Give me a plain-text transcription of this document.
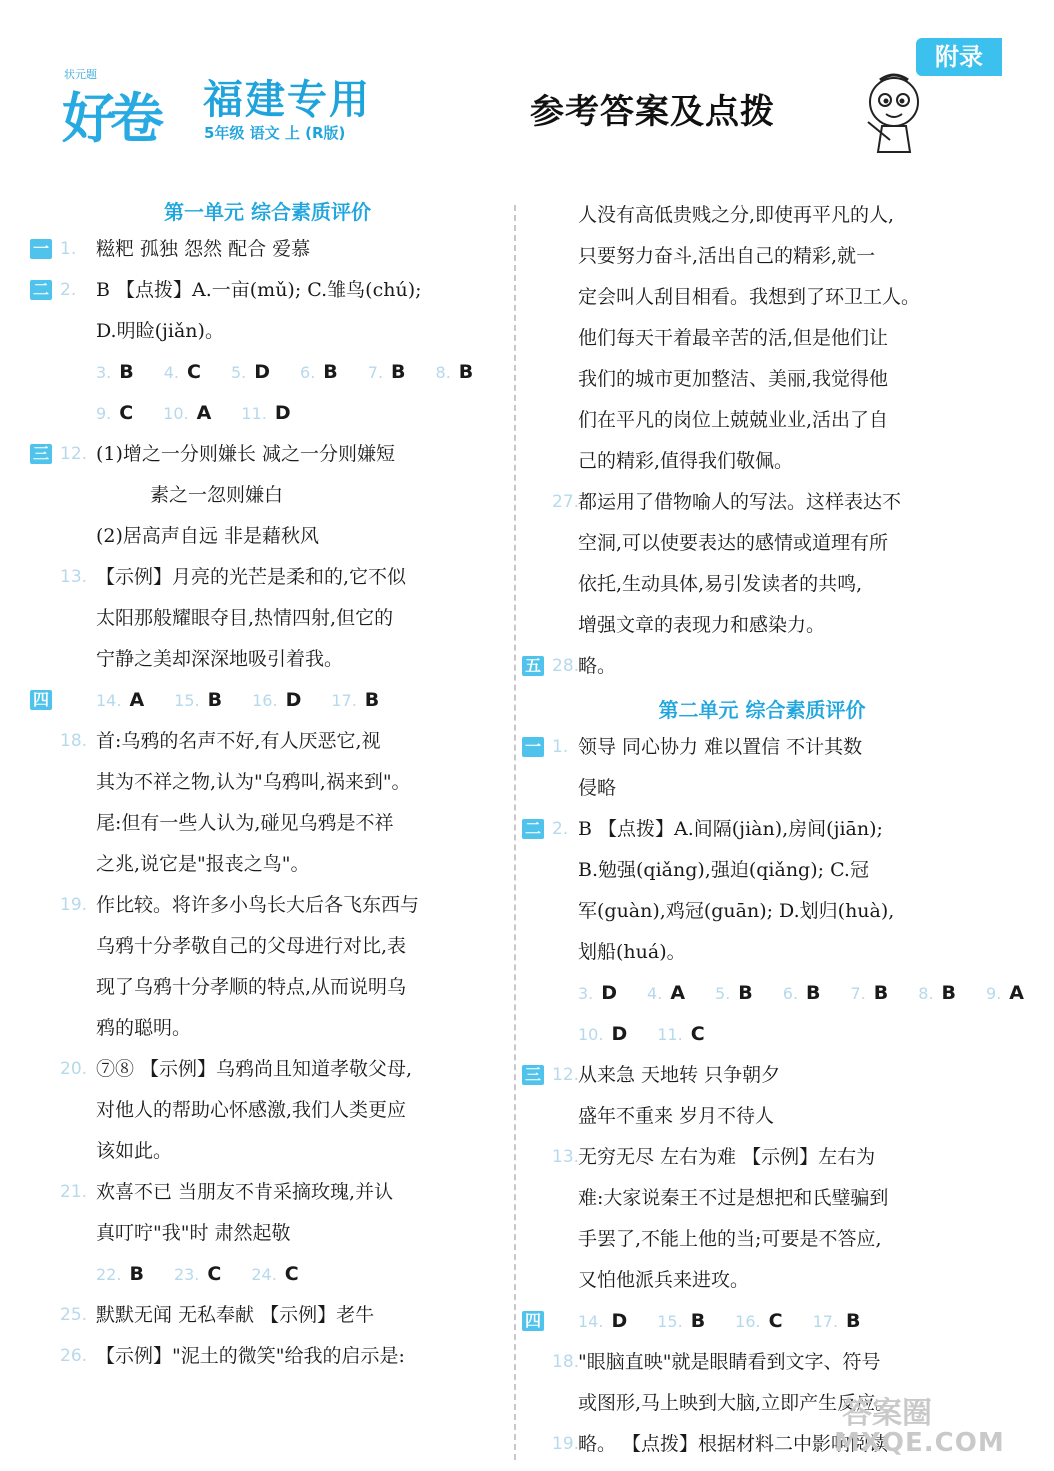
状元题
好卷 福建专用
5年级 语文 上 (R版)
参考答案及点拨
附录
第一单元 综合素质评价
一 1. 糍粑 孤独 怨然 配合 爱慕
二 2. B 【点拨】A.一亩(mǔ); C.雏鸟(chú);
D.明睑(jiǎn)。
3. B 4. C 5. D 6. B 7. B 8. B
9. C 10. A 11. D
三 12. (1)增之一分则嫌长 减之一分则嫌短
素之一忽则嫌白
(2)居高声自远 非是藉秋风
13. 【示例】月亮的光芒是柔和的,它不似
太阳那般耀眼夺目,热情四射,但它的
宁静之美却深深地吸引着我。
四	14. A 15. B 16. D 17. B
18. 首:乌鸦的名声不好,有人厌恶它,视
其为不祥之物,认为"乌鸦叫,祸来到"。
尾:但有一些人认为,碰见乌鸦是不祥
之兆,说它是"报丧之鸟"。
19. 作比较。将许多小鸟长大后各飞东西与
乌鸦十分孝敬自己的父母进行对比,表
现了乌鸦十分孝顺的特点,从而说明乌
鸦的聪明。
20. ⑦⑧ 【示例】乌鸦尚且知道孝敬父母,
对他人的帮助心怀感激,我们人类更应
该如此。
21. 欢喜不已 当朋友不肯采摘玫瑰,并认
真叮咛"我"时 肃然起敬
22. B 23. C 24. C
25. 默默无闻 无私奉献 【示例】老牛
26. 【示例】"泥土的微笑"给我的启示是:
人没有高低贵贱之分,即使再平凡的人,
只要努力奋斗,活出自己的精彩,就一
定会叫人刮目相看。我想到了环卫工人。
他们每天干着最辛苦的活,但是他们让
我们的城市更加整洁、美丽,我觉得他
们在平凡的岗位上兢兢业业,活出了自
己的精彩,值得我们敬佩。
27.
都运用了借物喻人的写法。这样表达不
空洞,可以使要表达的感情或道理有所
依托,生动具体,易引发读者的共鸣,
增强文章的表现力和感染力。
五 28.
略。
第二单元 综合素质评价
一 1. 领导 同心协力 难以置信 不计其数
侵略
二 2. B 【点拨】A.间隔(jiàn),房间(jiān);
B.勉强(qiǎng),强迫(qiǎng); C.冠
军(guàn),鸡冠(guān); D.划归(huà),
划船(huá)。
3. D 4. A 5. B 6. B 7. B 8. B 9. A
10. D 11. C
三 12.
从来急 天地转 只争朝夕
盛年不重来 岁月不待人
13.
无穷无尽 左右为难 【示例】左右为
难:大家说秦王不过是想把和氏璧骗到
手罢了,不能上他的当;可要是不答应,
又怕他派兵来进攻。
四 14. D 15. B 16. C 17. B
18.
"眼脑直映"就是眼睛看到文字、符号
或图形,马上映到大脑,立即产生反应。
19.
略。 【点拨】根据材料二中影响阅读
答案圈
MXQE.COM
